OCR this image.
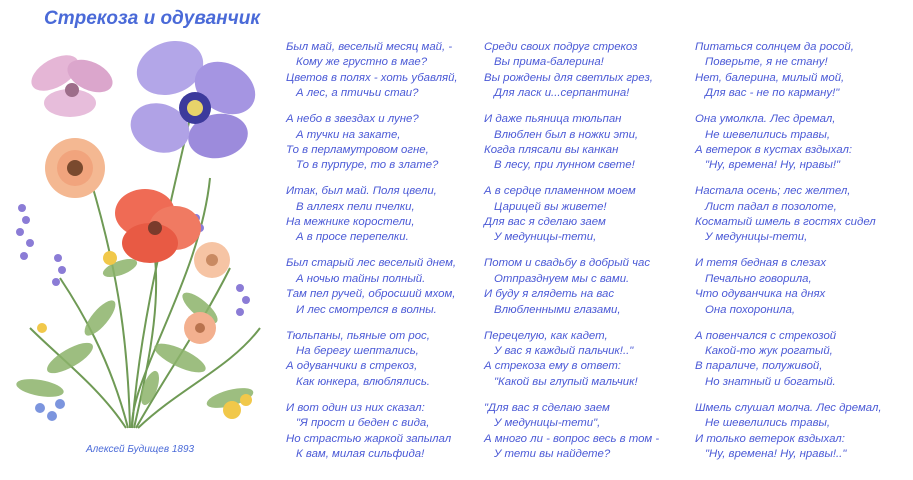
Стрекоза и одуванчик
Алексей Будищев 1893
Был май, веселый месяц май, -
Кому же грустно в мае?
Цветов в полях - хоть убавляй,
А лес, а птичьи стаи?
А небо в звездах и луне?
А тучки на закате,
То в перламутровом огне,
То в пурпуре, то в злате?
Итак, был май. Поля цвели,
В аллеях пели пчелки,
На межнике коростели,
А в просе перепелки.
Был старый лес веселый днем,
А ночью тайны полный.
Там пел ручей, обросший мхом,
И лес смотрелся в волны.
Тюльпаны, пьяные от рос,
На берегу шептались,
А одуванчики в стрекоз,
Как юнкера, влюблялись.
И вот один из них сказал:
"Я прост и беден с вида,
Но страстью жаркой запылал
К вам, милая сильфида!
Среди своих подруг стрекоз
Вы прима-балерина!
Вы рождены для светлых грез,
Для ласк и...серпантина!
И даже пьяница тюльпан
Влюблен был в ножки эти,
Когда плясали вы канкан
В лесу, при лунном свете!
А в сердце пламенном моем
Царицей вы живете!
Для вас я сделаю заем
У медуницы-тети,
Потом и свадьбу в добрый час
Отпразднуем мы с вами.
И буду я глядеть на вас
Влюбленными глазами,
Перецелую, как кадет,
У вас я каждый пальчик!.."
А стрекоза ему в ответ:
"Какой вы глупый мальчик!
"Для вас я сделаю заем
У медуницы-тети",
А много ли - вопрос весь в том -
У тети вы найдете?
Питаться солнцем да росой,
Поверьте, я не стану!
Нет, балерина, милый мой,
Для вас - не по карману!"
Она умолкла. Лес дремал,
Не шевелились травы,
А ветерок в кустах вздыхал:
"Ну, времена! Ну, нравы!"
Настала осень; лес желтел,
Лист падал в позолоте,
Косматый шмель в гостях сидел
У медуницы-тети,
И тетя бедная в слезах
Печально говорила,
Что одуванчика на днях
Она похоронила,
А повенчался с стрекозой
Какой-то жук рогатый,
В параличе, полуживой,
Но знатный и богатый.
Шмель слушал молча. Лес дремал,
Не шевелились травы,
И только ветерок вздыхал:
"Ну, времена! Ну, нравы!.."
